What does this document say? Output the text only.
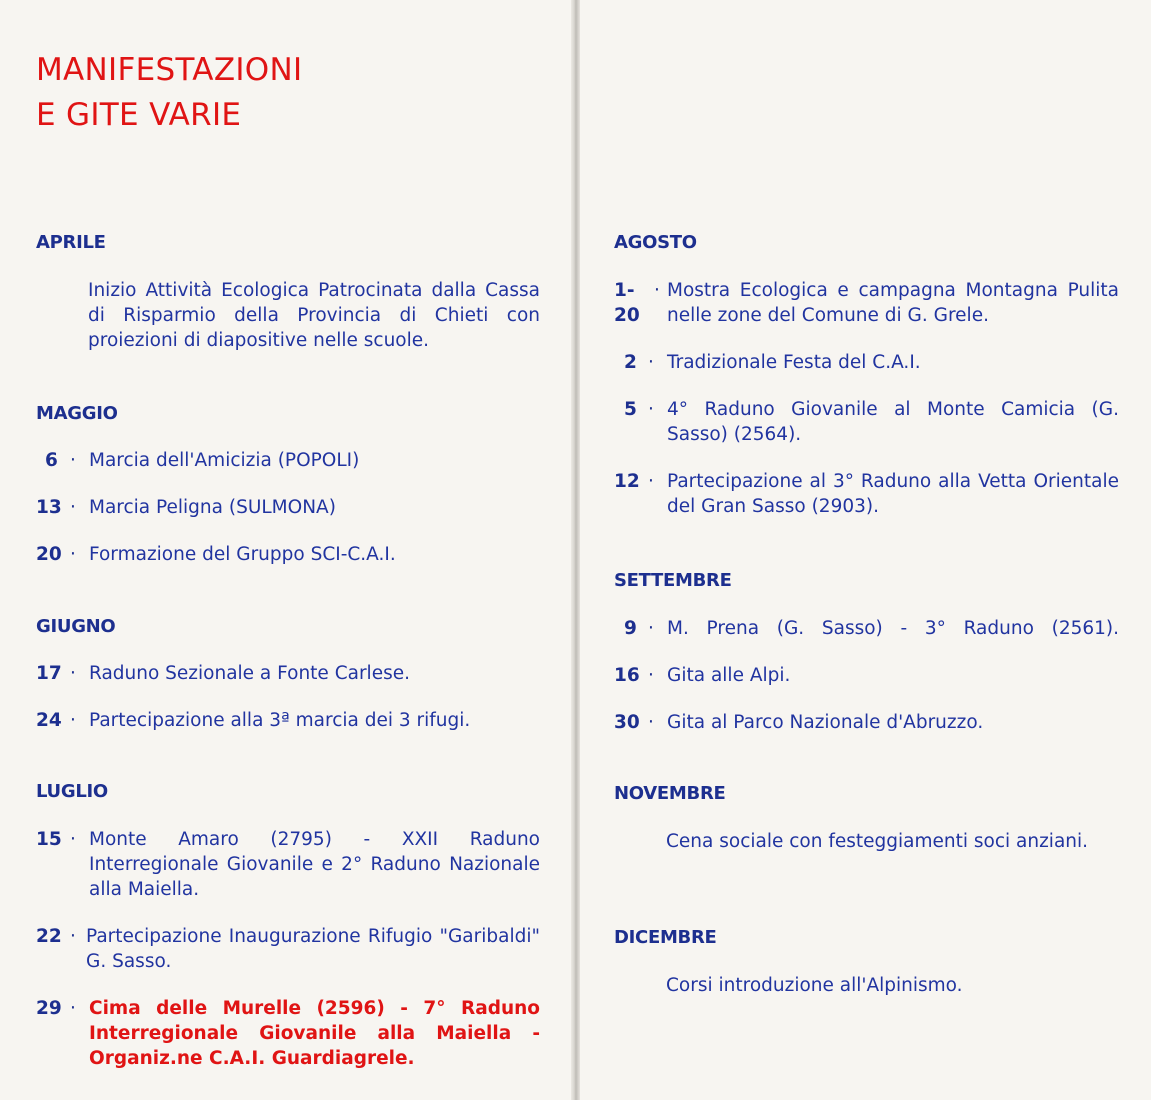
MANIFESTAZIONI
E GITE VARIE

APRILE

Inizio Attività Ecologica Patrocinata dalla Cassa di Risparmio della Provincia di Chieti con proiezioni di diapositive nelle scuole.

MAGGIO

6 · Marcia dell'Amicizia (POPOLI)
13 · Marcia Peligna (SULMONA)
20 · Formazione del Gruppo SCI-C.A.I.

GIUGNO

17 · Raduno Sezionale a Fonte Carlese.
24 · Partecipazione alla 3ª marcia dei 3 rifugi.

LUGLIO

15 · Monte Amaro (2795) - XXII Raduno Interregionale Giovanile e 2° Raduno Nazionale alla Maiella.
22 · Partecipazione Inaugurazione Rifugio "Garibaldi" G. Sasso.
29 · Cima delle Murelle (2596) - 7° Raduno Interregionale Giovanile alla Maiella - Organiz.ne C.A.I. Guardiagrele.

AGOSTO

1-20
· Mostra Ecologica e campagna Montagna Pulita nelle zone del Comune di G. Grele.
2 · Tradizionale Festa del C.A.I.
5 · 4° Raduno Giovanile al Monte Camicia (G. Sasso) (2564).
12 · Partecipazione al 3° Raduno alla Vetta Orientale del Gran Sasso (2903).

SETTEMBRE

9 · M. Prena (G. Sasso) - 3° Raduno (2561).
16 · Gita alle Alpi.
30 · Gita al Parco Nazionale d'Abruzzo.

NOVEMBRE

Cena sociale con festeggiamenti soci anziani.

DICEMBRE

Corsi introduzione all'Alpinismo.
